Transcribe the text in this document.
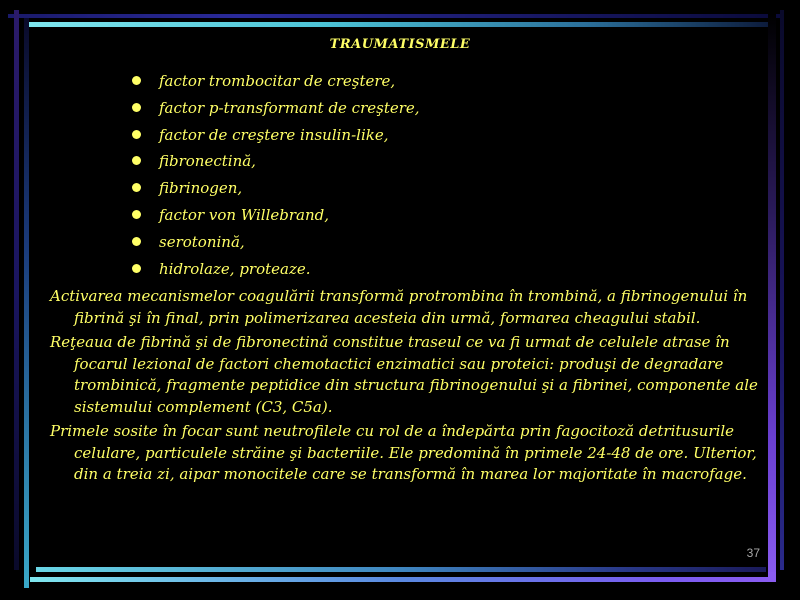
TRAUMATISMELE
factor trombocitar de creştere,
factor p-transformant de creştere,
factor de creştere insulin-like,
fibronectină,
fibrinogen,
factor von Willebrand,
serotonină,
hidrolaze, proteaze.

Activarea mecanismelor coagulării transformă protrombina în trombină, a fibrinogenului în fibrină şi în final, prin polimerizarea acesteia din urmă, formarea cheagului stabil.

Reţeaua de fibrină şi de fibronectină constitue traseul ce va fi urmat de celulele atrase în focarul lezional de factori chemotactici enzimatici sau proteici: produşi de degradare trombinică, fragmente peptidice din structura fibrinogenului şi a fibrinei, componente ale sistemului complement (C3, C5a).

Primele sosite în focar sunt neutrofilele cu rol de a îndepărta prin fagocitoză detritusurile celulare, particulele străine şi bacteriile. Ele predomină în primele 24-48 de ore. Ulterior, din a treia zi, aipar monocitele care se transformă în marea lor majoritate în macrofage.

37
